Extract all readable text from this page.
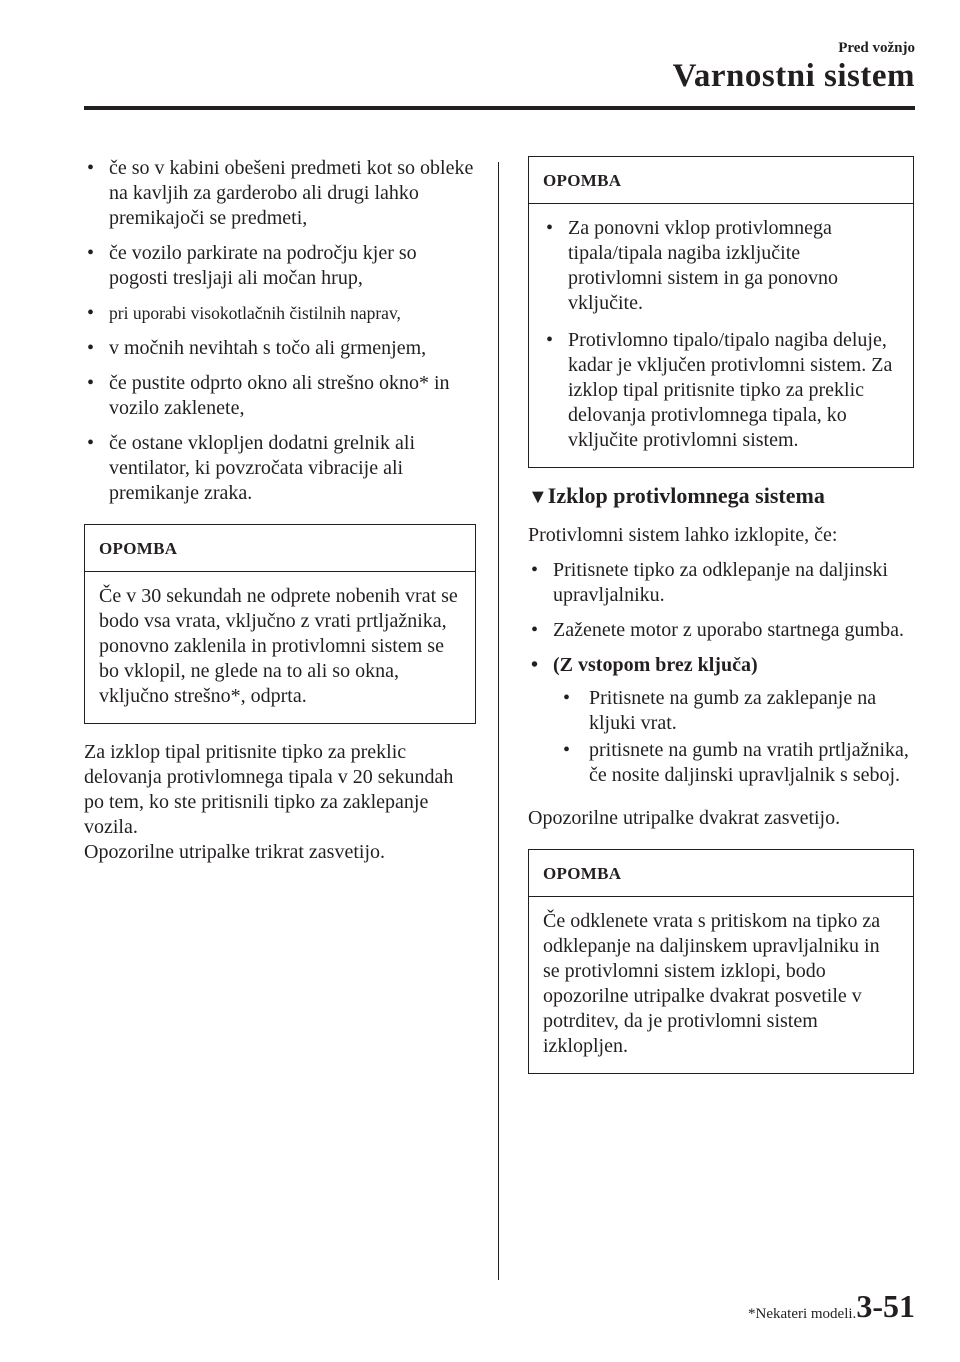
Pred vožnjo
Varnostni sistem
• če so v kabini obešeni predmeti kot so obleke na kavljih za garderobo ali drugi lahko premikajoči se predmeti,
• če vozilo parkirate na področju kjer so pogosti tresljaji ali močan hrup,
• pri uporabi visokotlačnih čistilnih naprav,
• v močnih nevihtah s točo ali grmenjem,
• če pustite odprto okno ali strešno okno* in vozilo zaklenete,
• če ostane vklopljen dodatni grelnik ali ventilator, ki povzročata vibracije ali premikanje zraka.
OPOMBA
Če v 30 sekundah ne odprete nobenih vrat se bodo vsa vrata, vključno z vrati prtljažnika, ponovno zaklenila in protivlomni sistem se bo vklopil, ne glede na to ali so okna, vključno strešno*, odprta.
Za izklop tipal pritisnite tipko za preklic delovanja protivlomnega tipala v 20 sekundah po tem, ko ste pritisnili tipko za zaklepanje vozila.
Opozorilne utripalke trikrat zasvetijo.
OPOMBA
• Za ponovni vklop protivlomnega tipala/tipala nagiba izključite protivlomni sistem in ga ponovno vključite.
• Protivlomno tipalo/tipalo nagiba deluje, kadar je vključen protivlomni sistem. Za izklop tipal pritisnite tipko za preklic delovanja protivlomnega tipala, ko vključite protivlomni sistem.
▼Izklop protivlomnega sistema
Protivlomni sistem lahko izklopite, če:
• Pritisnete tipko za odklepanje na daljinski upravljalniku.
• Zaženete motor z uporabo startnega gumba.
• (Z vstopom brez ključa)
• Pritisnete na gumb za zaklepanje na kljuki vrat.
• pritisnete na gumb na vratih prtljažnika, če nosite daljinski upravljalnik s seboj.
Opozorilne utripalke dvakrat zasvetijo.
OPOMBA
Če odklenete vrata s pritiskom na tipko za odklepanje na daljinskem upravljalniku in se protivlomni sistem izklopi, bodo opozorilne utripalke dvakrat posvetile v potrditev, da je protivlomni sistem izklopljen.
*Nekateri modeli. 3-51
